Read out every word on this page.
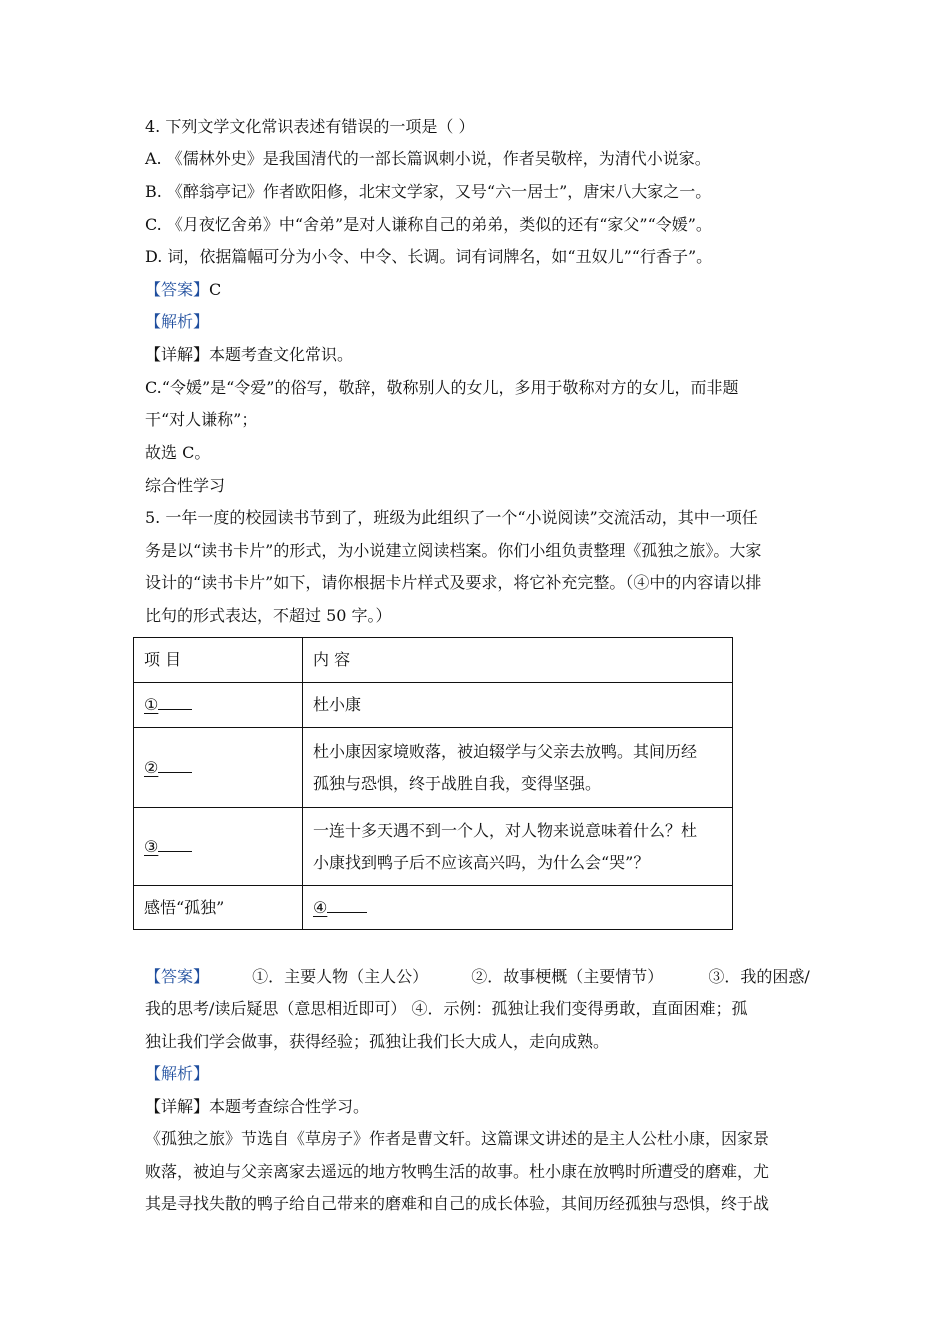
4. 下列文学文化常识表述有错误的一项是（ ）
A. 《儒林外史》是我国清代的一部长篇讽刺小说，作者吴敬梓，为清代小说家。
B. 《醉翁亭记》作者欧阳修，北宋文学家，又号“六一居士”，唐宋八大家之一。
C. 《月夜忆舍弟》中“舍弟”是对人谦称自己的弟弟，类似的还有“家父”“令媛”。
D. 词，依据篇幅可分为小令、中令、长调。词有词牌名，如“丑奴儿”“行香子”。
【答案】C
【解析】
【详解】本题考查文化常识。
C.“令媛”是“令爱”的俗写，敬辞，敬称别人的女儿，多用于敬称对方的女儿，而非题
干“对人谦称”；
故选 C。
综合性学习
5. 一年一度的校园读书节到了，班级为此组织了一个“小说阅读”交流活动，其中一项任
务是以“读书卡片”的形式，为小说建立阅读档案。你们小组负责整理《孤独之旅》。大家
设计的“读书卡片”如下，请你根据卡片样式及要求，将它补充完整。（④中的内容请以排
比句的形式表达，不超过 50 字。）
项 目	内 容
①	杜小康

②	杜小康因家境败落，被迫辍学与父亲去放鸭。其间历经
孤独与恐惧，终于战胜自我，变得坚强。

③	一连十多天遇不到一个人，对人物来说意味着什么？杜
小康找到鸭子后不应该高兴吗，为什么会“哭”？

感悟“孤独”	④
【答案】	①．主要人物（主人公）	②．故事梗概（主要情节）	③．我的困惑/
我的思考/读后疑思（意思相近即可） ④．示例：孤独让我们变得勇敢，直面困难；孤
独让我们学会做事，获得经验；孤独让我们长大成人，走向成熟。
【解析】
【详解】本题考查综合性学习。
《孤独之旅》节选自《草房子》作者是曹文轩。这篇课文讲述的是主人公杜小康，因家景
败落，被迫与父亲离家去遥远的地方牧鸭生活的故事。杜小康在放鸭时所遭受的磨难，尤
其是寻找失散的鸭子给自己带来的磨难和自己的成长体验，其间历经孤独与恐惧，终于战
